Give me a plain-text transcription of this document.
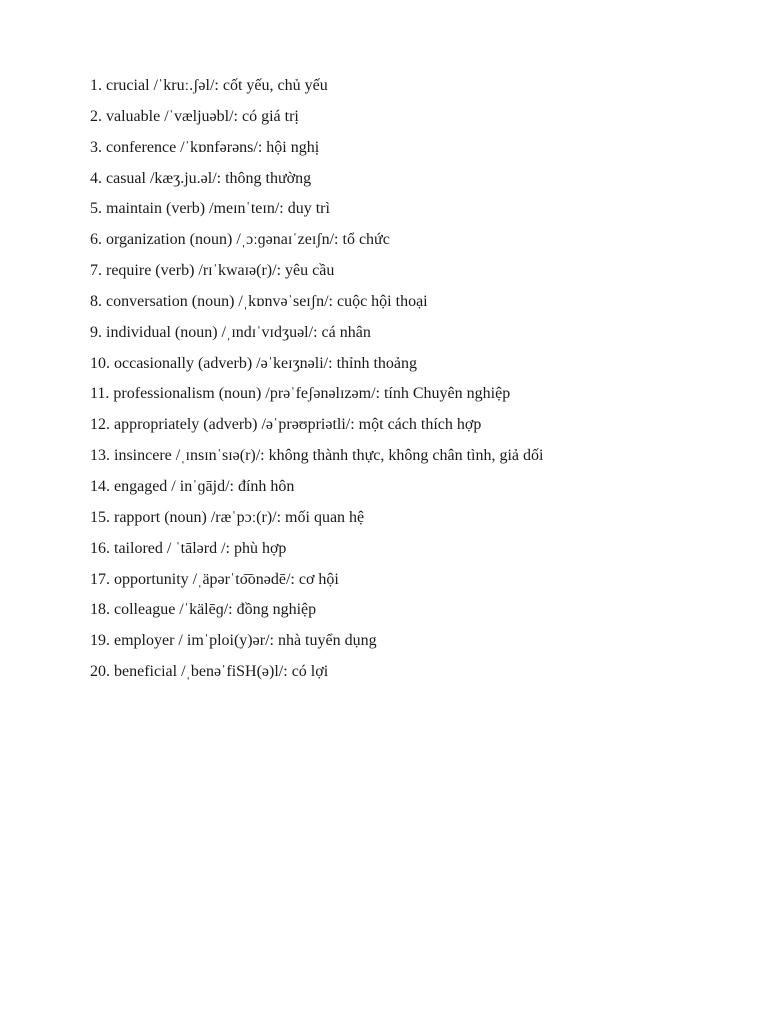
1. crucial /ˈkruː.ʃəl/: cốt yếu, chủ yếu
2. valuable /ˈvæljuəbl/: có giá trị
3. conference /ˈkɒnfərəns/: hội nghị
4. casual /kæʒ.ju.əl/: thông thường
5. maintain (verb) /meɪnˈteɪn/: duy trì
6. organization (noun) /ˌɔːɡənaɪˈzeɪʃn/: tổ chức
7. require (verb) /rɪˈkwaɪə(r)/: yêu cầu
8. conversation (noun) /ˌkɒnvəˈseɪʃn/: cuộc hội thoại
9. individual (noun) /ˌɪndɪˈvɪdʒuəl/: cá nhân
10. occasionally (adverb) /əˈkeɪʒnəli/: thỉnh thoảng
11. professionalism (noun) /prəˈfeʃənəlɪzəm/: tính Chuyên nghiệp
12. appropriately (adverb) /əˈprəʊpriətli/: một cách thích hợp
13. insincere /ˌɪnsɪnˈsɪə(r)/: không thành thực, không chân tình, giả dối
14. engaged / inˈɡājd/: đính hôn
15. rapport (noun) /ræˈpɔː(r)/: mối quan hệ
16. tailored / ˈtālərd /: phù hợp
17. opportunity /ˌäpərˈto͞onədē/: cơ hội
18. colleague /ˈkälēɡ/: đồng nghiệp
19. employer / imˈploi(y)ər/: nhà tuyển dụng
20. beneficial /ˌbenəˈfiSH(ə)l/: có lợi
